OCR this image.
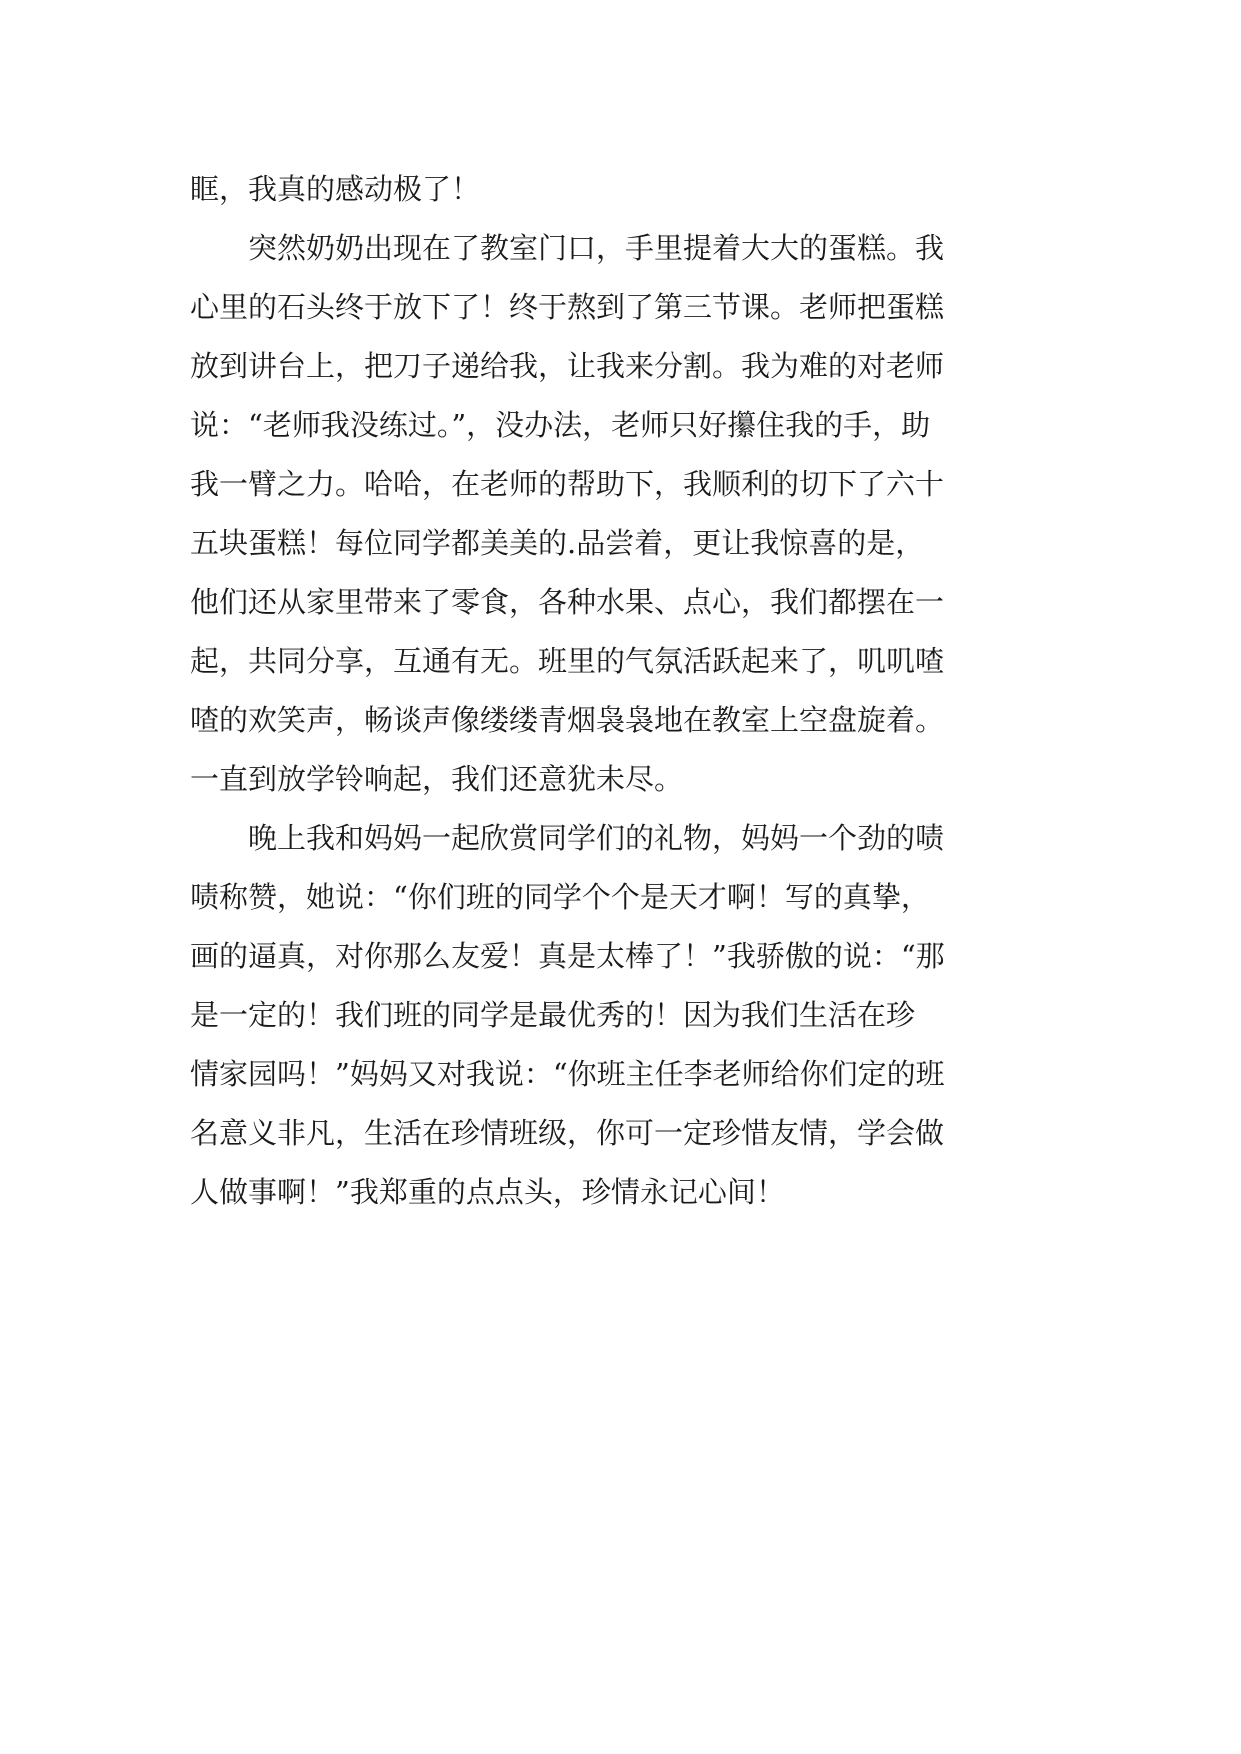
眶，我真的感动极了！
　　突然奶奶出现在了教室门口，手里提着大大的蛋糕。我
心里的石头终于放下了！终于熬到了第三节课。老师把蛋糕
放到讲台上，把刀子递给我，让我来分割。我为难的对老师
说：“老师我没练过。”，没办法，老师只好攥住我的手，助
我一臂之力。哈哈，在老师的帮助下，我顺利的切下了六十
五块蛋糕！每位同学都美美的.品尝着，更让我惊喜的是，
他们还从家里带来了零食，各种水果、点心，我们都摆在一
起，共同分享，互通有无。班里的气氛活跃起来了，叽叽喳
喳的欢笑声，畅谈声像缕缕青烟袅袅地在教室上空盘旋着。
一直到放学铃响起，我们还意犹未尽。
　　晚上我和妈妈一起欣赏同学们的礼物，妈妈一个劲的啧
啧称赞，她说：“你们班的同学个个是天才啊！写的真挚，
画的逼真，对你那么友爱！真是太棒了！”我骄傲的说：“那
是一定的！我们班的同学是最优秀的！因为我们生活在珍
情家园吗！”妈妈又对我说：“你班主任李老师给你们定的班
名意义非凡，生活在珍情班级，你可一定珍惜友情，学会做
人做事啊！”我郑重的点点头，珍情永记心间！
